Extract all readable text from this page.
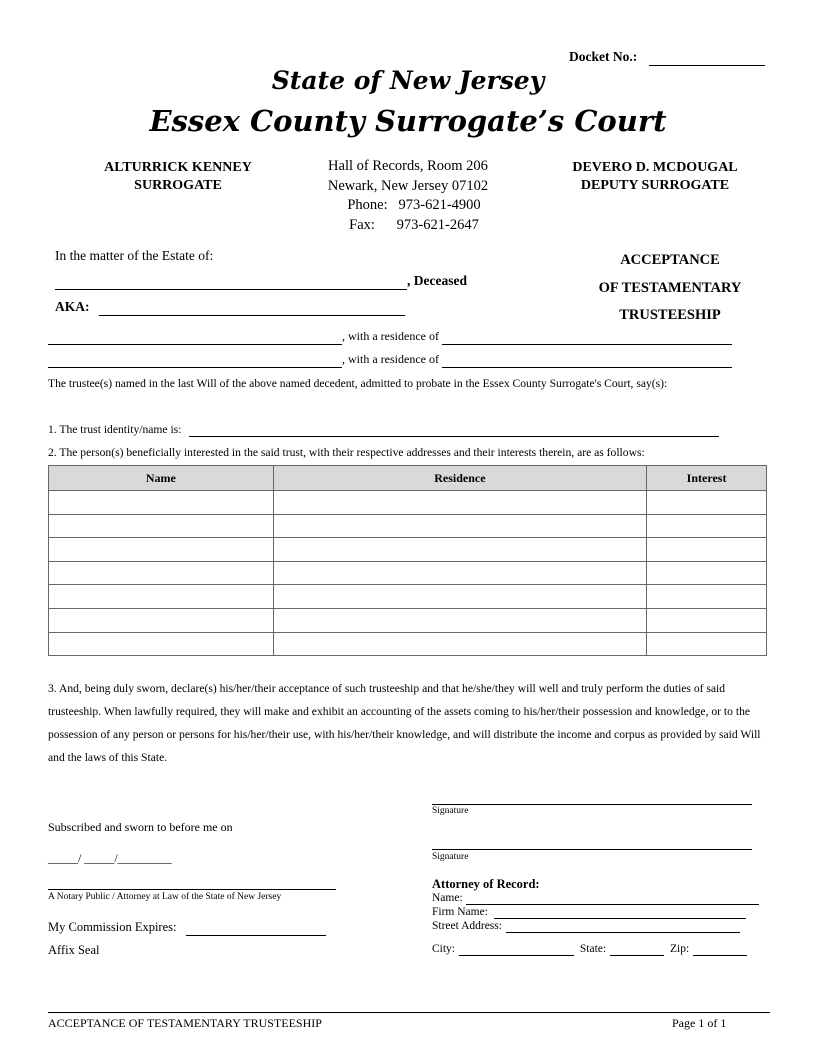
Docket No.:
State of New Jersey
Essex County Surrogate’s Court
ALTURRICK KENNEY
SURROGATE
Hall of Records, Room 206
Newark, New Jersey 07102
Phone: 973-621-4900
Fax: 973-621-2647
DEVERO D. MCDOUGAL
DEPUTY SURROGATE
In the matter of the Estate of:
, Deceased
AKA:
ACCEPTANCE
OF TESTAMENTARY
TRUSTEESHIP
, with a residence of
, with a residence of
The trustee(s) named in the last Will of the above named decedent, admitted to probate in the Essex County Surrogate's Court, say(s):
1. The trust identity/name is:
2. The person(s) beneficially interested in the said trust, with their respective addresses and their interests therein, are as follows:
Name	Residence	Interest

3. And, being duly sworn, declare(s) his/her/their acceptance of such trusteeship and that he/she/they will well and truly perform the duties of said trusteeship. When lawfully required, they will make and exhibit an accounting of the assets coming to his/her/their possession and knowledge, or to the possession of any person or persons for his/her/their use, with his/her/their knowledge, and will distribute the income and corpus as provided by said Will and the laws of this State.
Signature
Signature
Subscribed and sworn to before me on
_____/ _____/_________
A Notary Public / Attorney at Law of the State of New Jersey
My Commission Expires:
Affix Seal
Attorney of Record:
Name:
Firm Name:
Street Address:
City:	State:	Zip:
ACCEPTANCE OF TESTAMENTARY TRUSTEESHIP	Page 1 of 1
